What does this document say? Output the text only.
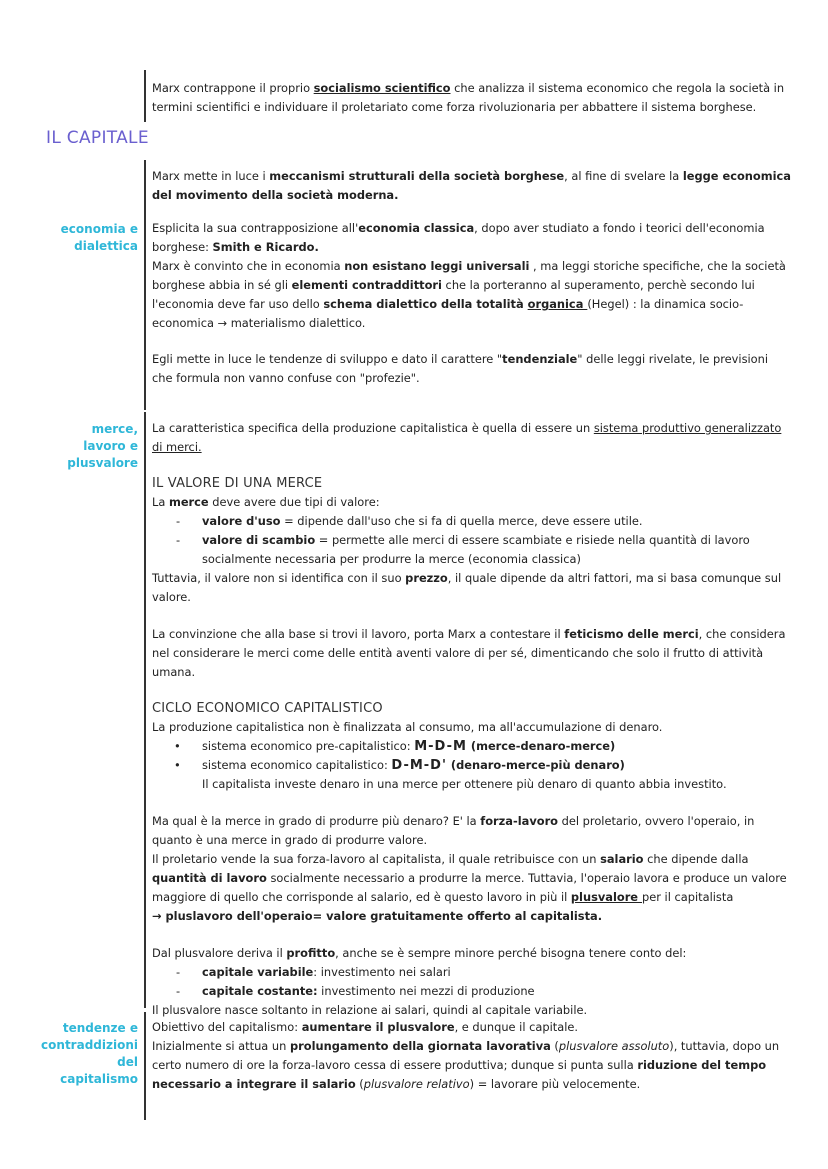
Marx contrappone il proprio socialismo scientifico che analizza il sistema economico che regola la società in termini scientifici e individuare il proletariato come forza rivoluzionaria per abbattere il sistema borghese.
IL CAPITALE
Marx mette in luce i meccanismi strutturali della società borghese, al fine di svelare la legge economica del movimento della società moderna.
economia e dialettica

Esplicita la sua contrapposizione all'economia classica, dopo aver studiato a fondo i teorici dell'economia borghese: Smith e Ricardo.

Marx è convinto che in economia non esistano leggi universali , ma leggi storiche specifiche, che la società borghese abbia in sé gli elementi contraddittori che la porteranno al superamento, perchè secondo lui l'economia deve far uso dello schema dialettico della totalità organica (Hegel) : la dinamica socio-economica → materialismo dialettico.

Egli mette in luce le tendenze di sviluppo e dato il carattere "tendenziale" delle leggi rivelate, le previsioni che formula non vanno confuse con "profezie".

merce, lavoro e plusvalore

La caratteristica specifica della produzione capitalistica è quella di essere un sistema produttivo generalizzato di merci.

IL VALORE DI UNA MERCE

La merce deve avere due tipi di valore:

-	valore d'uso = dipende dall'uso che si fa di quella merce, deve essere utile.
-	valore di scambio = permette alle merci di essere scambiate e risiede nella quantità di lavoro socialmente necessaria per produrre la merce (economia classica)

Tuttavia, il valore non si identifica con il suo prezzo, il quale dipende da altri fattori, ma si basa comunque sul valore.

La convinzione che alla base si trovi il lavoro, porta Marx a contestare il feticismo delle merci, che considera nel considerare le merci come delle entità aventi valore di per sé, dimenticando che solo il frutto di attività umana.

CICLO ECONOMICO CAPITALISTICO

La produzione capitalistica non è finalizzata al consumo, ma all'accumulazione di denaro.

•	sistema economico pre-capitalistico: M-D-M (merce-denaro-merce)
•	sistema economico capitalistico: D-M-D' (denaro-merce-più denaro)

Il capitalista investe denaro in una merce per ottenere più denaro di quanto abbia investito.

Ma qual è la merce in grado di produrre più denaro? E' la forza-lavoro del proletario, ovvero l'operaio, in quanto è una merce in grado di produrre valore.

Il proletario vende la sua forza-lavoro al capitalista, il quale retribuisce con un salario che dipende dalla quantità di lavoro socialmente necessario a produrre la merce. Tuttavia, l'operaio lavora e produce un valore maggiore di quello che corrisponde al salario, ed è questo lavoro in più il plusvalore per il capitalista

→ pluslavoro dell'operaio= valore gratuitamente offerto al capitalista.

Dal plusvalore deriva il profitto, anche se è sempre minore perché bisogna tenere conto del:

-	capitale variabile: investimento nei salari
-	capitale costante: investimento nei mezzi di produzione

Il plusvalore nasce soltanto in relazione ai salari, quindi al capitale variabile.

tendenze e contraddizioni del capitalismo

Obiettivo del capitalismo: aumentare il plusvalore, e dunque il capitale.
Inizialmente si attua un prolungamento della giornata lavorativa (plusvalore assoluto), tuttavia, dopo un certo numero di ore la forza-lavoro cessa di essere produttiva; dunque si punta sulla riduzione del tempo necessario a integrare il salario (plusvalore relativo) = lavorare più velocemente.
